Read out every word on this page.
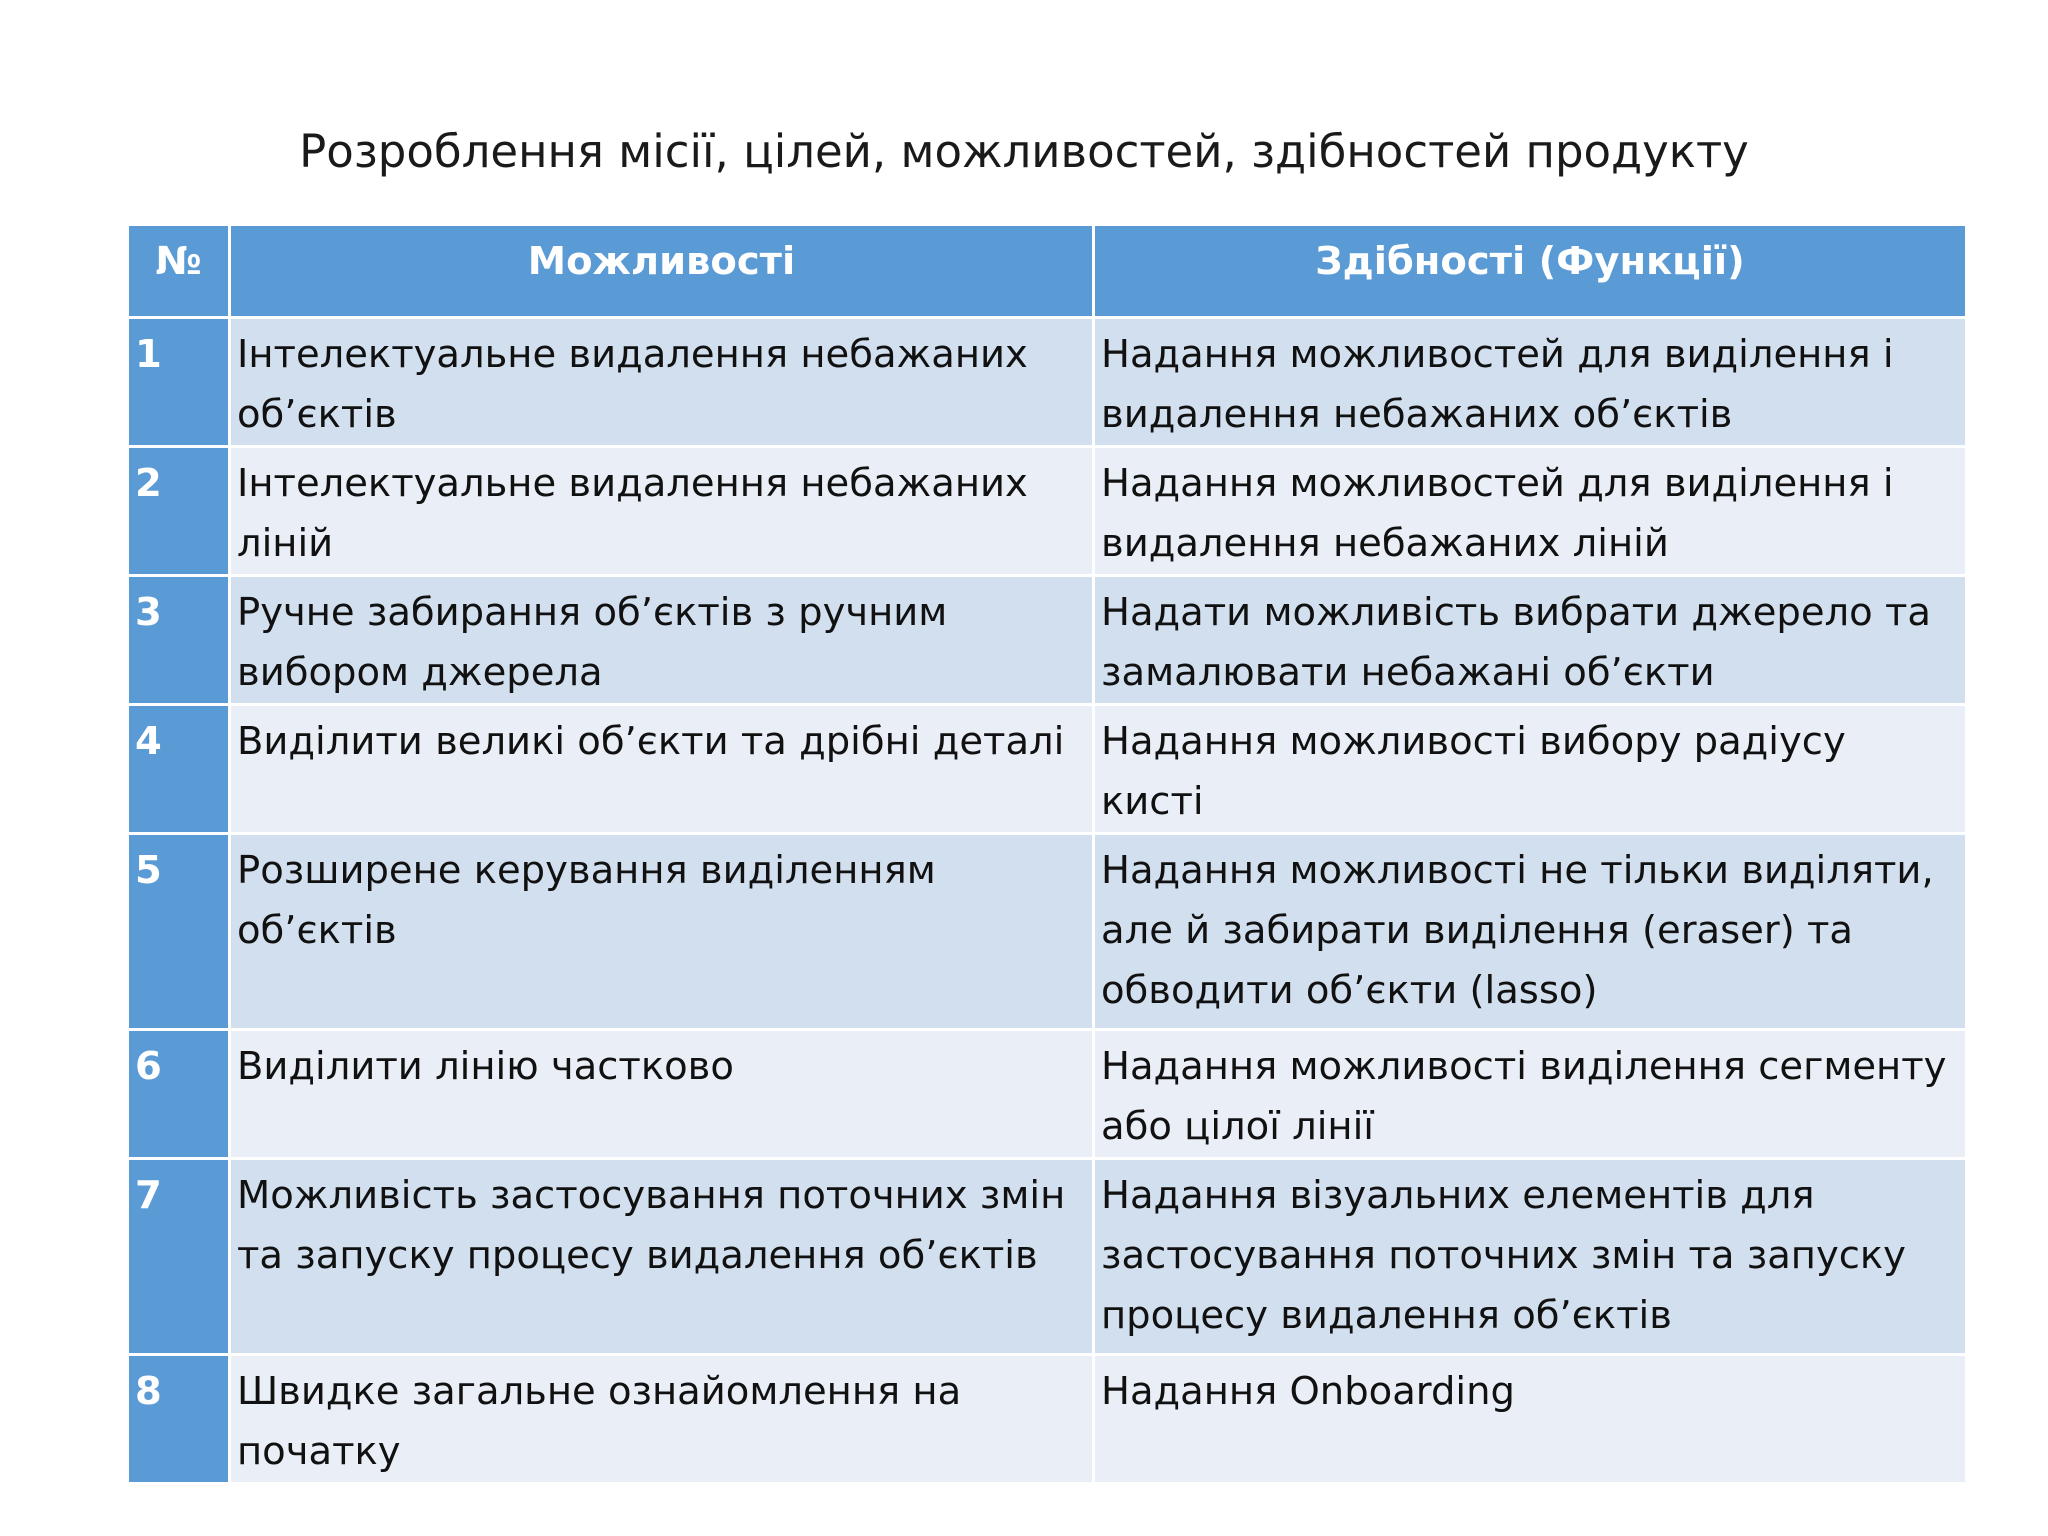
Розроблення місії, цілей, можливостей, здібностей продукту
№	Можливості	Здібності (Функції)
1	Інтелектуальне видалення небажаних об’єктів	Надання можливостей для виділення і видалення небажаних об’єктів
2	Інтелектуальне видалення небажаних ліній	Надання можливостей для виділення і видалення небажаних ліній
3	Ручне забирання об’єктів з ручним вибором джерела	Надати можливість вибрати джерело та замалювати небажані об’єкти
4	Виділити великі об’єкти та дрібні деталі	Надання можливості вибору радіусу кисті
5	Розширене керування виділенням об’єктів	Надання можливості не тільки виділяти, але й забирати виділення (eraser) та обводити об’єкти (lasso)
6	Виділити лінію частково	Надання можливості виділення сегменту або цілої лінії
7	Можливість застосування поточних змін та запуску процесу видалення об’єктів	Надання візуальних елементів для застосування поточних змін та запуску процесу видалення об’єктів
8	Швидке загальне ознайомлення на початку	Надання Onboarding
